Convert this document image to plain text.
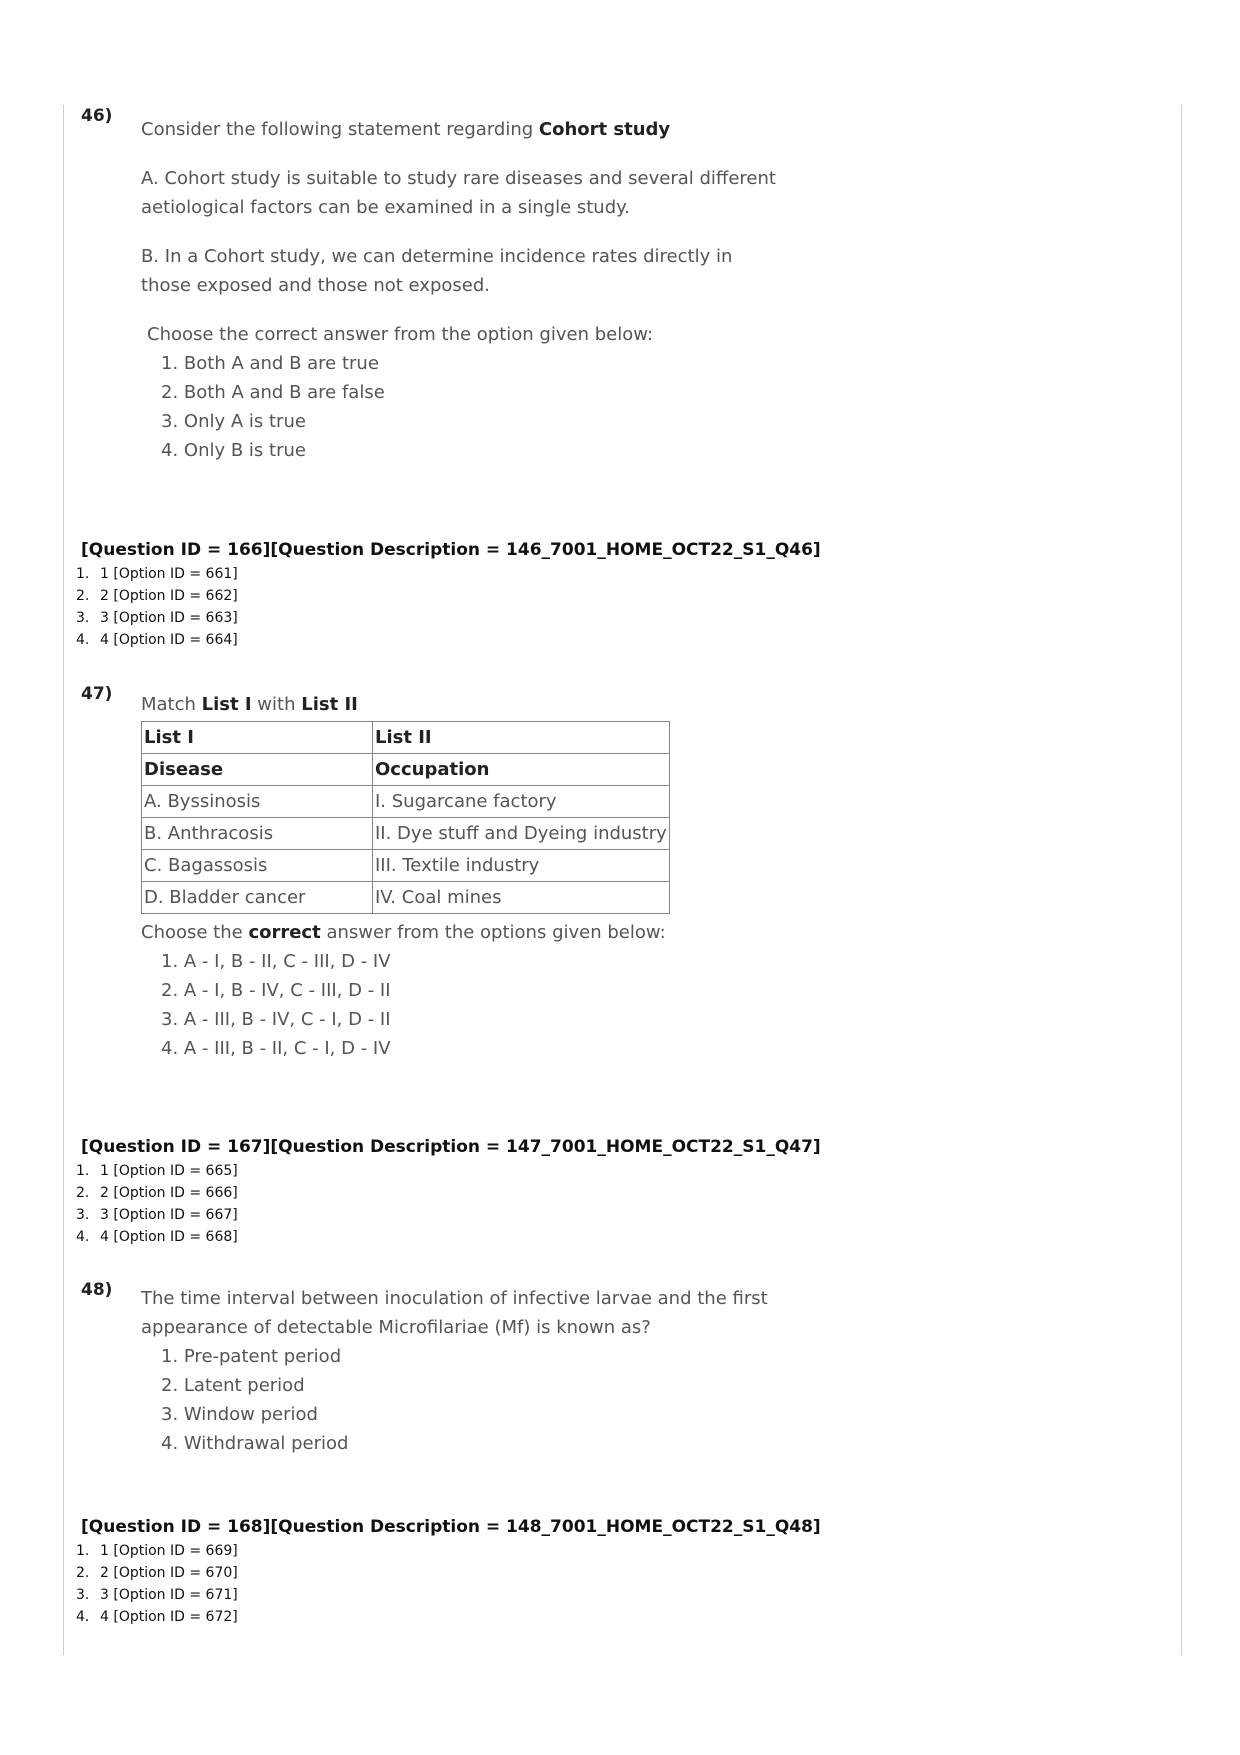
46)
Consider the following statement regarding Cohort study
A. Cohort study is suitable to study rare diseases and several different aetiological factors can be examined in a single study.
B. In a Cohort study, we can determine incidence rates directly in those exposed and those not exposed.
Choose the correct answer from the option given below:
1. Both A and B are true
2. Both A and B are false
3. Only A is true
4. Only B is true
[Question ID = 166][Question Description = 146_7001_HOME_OCT22_S1_Q46]
1. 1 [Option ID = 661]
2. 2 [Option ID = 662]
3. 3 [Option ID = 663]
4. 4 [Option ID = 664]
47) Match List I with List II
List I	List II
Disease	Occupation
A. Byssinosis	I. Sugarcane factory
B. Anthracosis	II. Dye stuff and Dyeing industry
C. Bagassosis	III. Textile industry
D. Bladder cancer	IV. Coal mines
Choose the correct answer from the options given below:
1. A - I, B - II, C - III, D - IV
2. A - I, B - IV, C - III, D - II
3. A - III, B - IV, C - I, D - II
4. A - III, B - II, C - I, D - IV
[Question ID = 167][Question Description = 147_7001_HOME_OCT22_S1_Q47]
1. 1 [Option ID = 665]
2. 2 [Option ID = 666]
3. 3 [Option ID = 667]
4. 4 [Option ID = 668]
48) The time interval between inoculation of infective larvae and the first appearance of detectable Microfilariae (Mf) is known as?
1. Pre-patent period
2. Latent period
3. Window period
4. Withdrawal period
[Question ID = 168][Question Description = 148_7001_HOME_OCT22_S1_Q48]
1. 1 [Option ID = 669]
2. 2 [Option ID = 670]
3. 3 [Option ID = 671]
4. 4 [Option ID = 672]
